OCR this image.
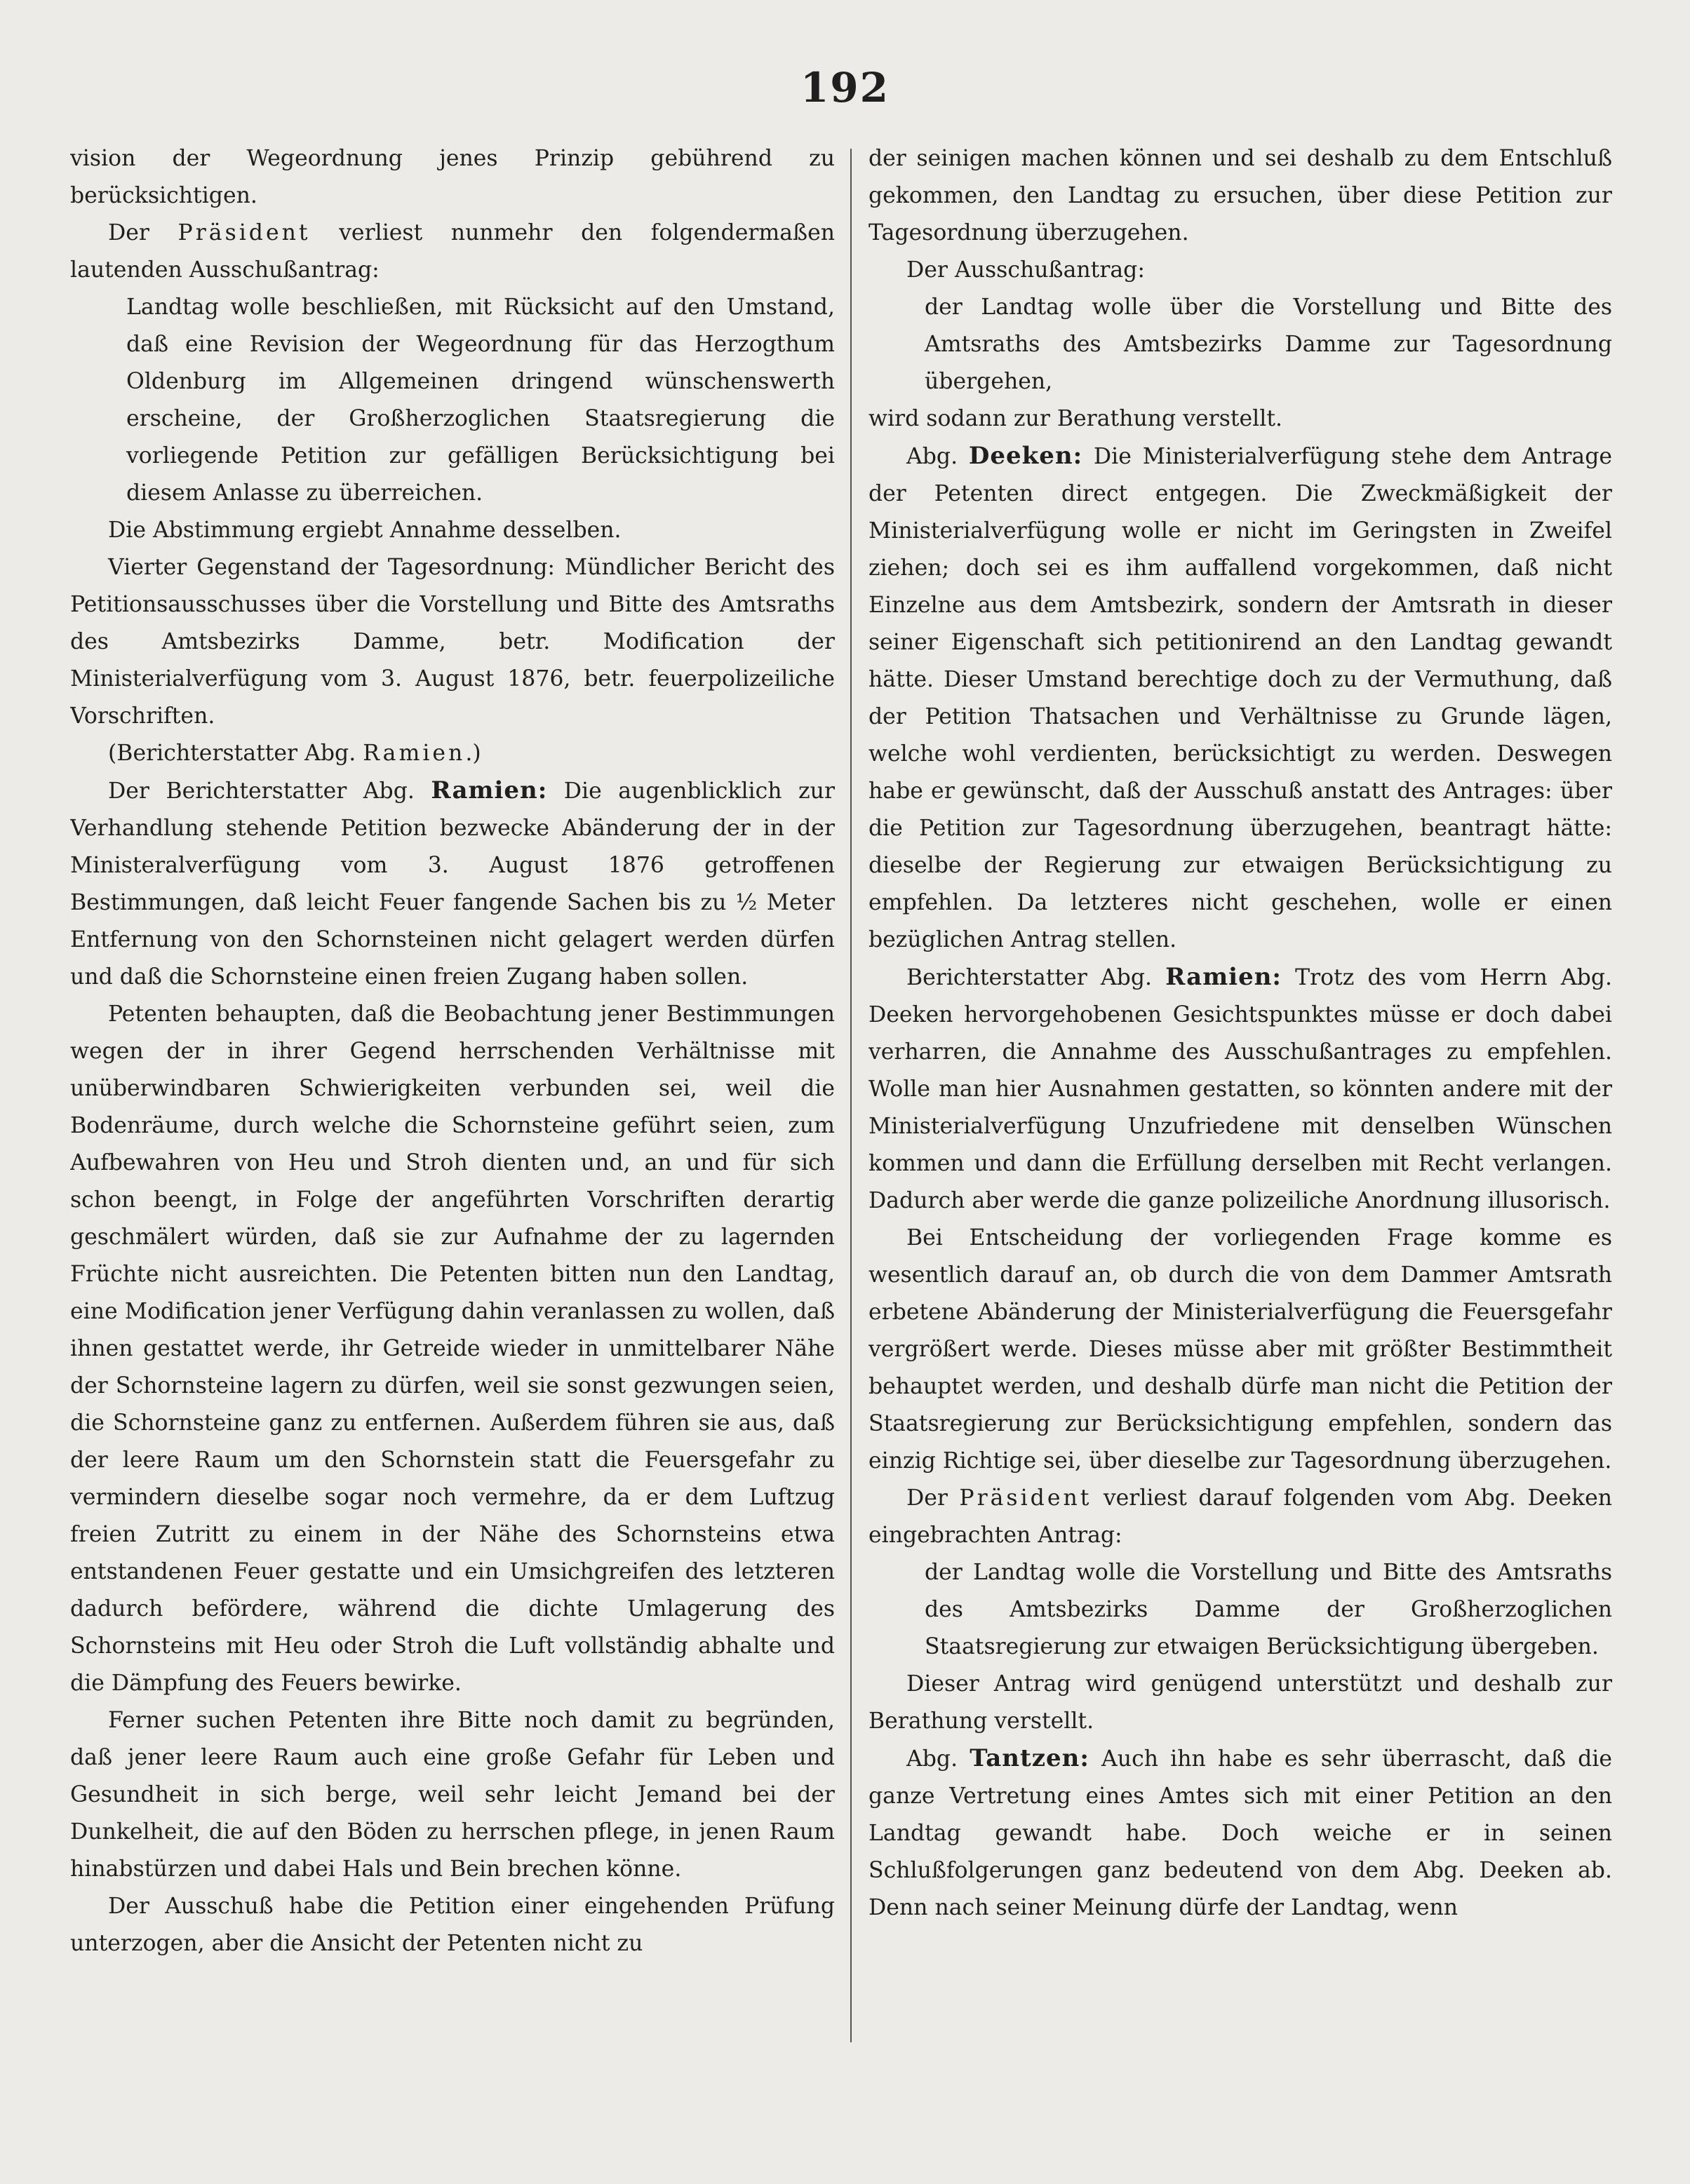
192

vision der Wegeordnung jenes Prinzip gebührend zu berücksichtigen.

Der Präsident verliest nunmehr den folgendermaßen lautenden Ausschußantrag:

Landtag wolle beschließen, mit Rücksicht auf den Umstand, daß eine Revision der Wegeordnung für das Herzogthum Oldenburg im Allgemeinen dringend wünschenswerth erscheine, der Großherzoglichen Staatsregierung die vorliegende Petition zur gefälligen Berücksichtigung bei diesem Anlasse zu überreichen.

Die Abstimmung ergiebt Annahme desselben.

Vierter Gegenstand der Tagesordnung: Mündlicher Bericht des Petitionsausschusses über die Vorstellung und Bitte des Amtsraths des Amtsbezirks Damme, betr. Modification der Ministerialverfügung vom 3. August 1876, betr. feuerpolizeiliche Vorschriften.

(Berichterstatter Abg. Ramien.)

Der Berichterstatter Abg. Ramien: Die augenblicklich zur Verhandlung stehende Petition bezwecke Abänderung der in der Ministeralverfügung vom 3. August 1876 getroffenen Bestimmungen, daß leicht Feuer fangende Sachen bis zu ½ Meter Entfernung von den Schornsteinen nicht gelagert werden dürfen und daß die Schornsteine einen freien Zugang haben sollen.

Petenten behaupten, daß die Beobachtung jener Bestimmungen wegen der in ihrer Gegend herrschenden Verhältnisse mit unüberwindbaren Schwierigkeiten verbunden sei, weil die Bodenräume, durch welche die Schornsteine geführt seien, zum Aufbewahren von Heu und Stroh dienten und, an und für sich schon beengt, in Folge der angeführten Vorschriften derartig geschmälert würden, daß sie zur Aufnahme der zu lagernden Früchte nicht ausreichten. Die Petenten bitten nun den Landtag, eine Modification jener Verfügung dahin veranlassen zu wollen, daß ihnen gestattet werde, ihr Getreide wieder in unmittelbarer Nähe der Schornsteine lagern zu dürfen, weil sie sonst gezwungen seien, die Schornsteine ganz zu entfernen. Außerdem führen sie aus, daß der leere Raum um den Schornstein statt die Feuersgefahr zu vermindern dieselbe sogar noch vermehre, da er dem Luftzug freien Zutritt zu einem in der Nähe des Schornsteins etwa entstandenen Feuer gestatte und ein Umsichgreifen des letzteren dadurch befördere, während die dichte Umlagerung des Schornsteins mit Heu oder Stroh die Luft vollständig abhalte und die Dämpfung des Feuers bewirke.

Ferner suchen Petenten ihre Bitte noch damit zu begründen, daß jener leere Raum auch eine große Gefahr für Leben und Gesundheit in sich berge, weil sehr leicht Jemand bei der Dunkelheit, die auf den Böden zu herrschen pflege, in jenen Raum hinabstürzen und dabei Hals und Bein brechen könne.

Der Ausschuß habe die Petition einer eingehenden Prüfung unterzogen, aber die Ansicht der Petenten nicht zu

der seinigen machen können und sei deshalb zu dem Entschluß gekommen, den Landtag zu ersuchen, über diese Petition zur Tagesordnung überzugehen.

Der Ausschußantrag:

der Landtag wolle über die Vorstellung und Bitte des Amtsraths des Amtsbezirks Damme zur Tagesordnung übergehen,

wird sodann zur Berathung verstellt.

Abg. Deeken: Die Ministerialverfügung stehe dem Antrage der Petenten direct entgegen. Die Zweckmäßigkeit der Ministerialverfügung wolle er nicht im Geringsten in Zweifel ziehen; doch sei es ihm auffallend vorgekommen, daß nicht Einzelne aus dem Amtsbezirk, sondern der Amtsrath in dieser seiner Eigenschaft sich petitionirend an den Landtag gewandt hätte. Dieser Umstand berechtige doch zu der Vermuthung, daß der Petition Thatsachen und Verhältnisse zu Grunde lägen, welche wohl verdienten, berücksichtigt zu werden. Deswegen habe er gewünscht, daß der Ausschuß anstatt des Antrages: über die Petition zur Tagesordnung überzugehen, beantragt hätte: dieselbe der Regierung zur etwaigen Berücksichtigung zu empfehlen. Da letzteres nicht geschehen, wolle er einen bezüglichen Antrag stellen.

Berichterstatter Abg. Ramien: Trotz des vom Herrn Abg. Deeken hervorgehobenen Gesichtspunktes müsse er doch dabei verharren, die Annahme des Ausschußantrages zu empfehlen. Wolle man hier Ausnahmen gestatten, so könnten andere mit der Ministerialverfügung Unzufriedene mit denselben Wünschen kommen und dann die Erfüllung derselben mit Recht verlangen. Dadurch aber werde die ganze polizeiliche Anordnung illusorisch.

Bei Entscheidung der vorliegenden Frage komme es wesentlich darauf an, ob durch die von dem Dammer Amtsrath erbetene Abänderung der Ministerialverfügung die Feuersgefahr vergrößert werde. Dieses müsse aber mit größter Bestimmtheit behauptet werden, und deshalb dürfe man nicht die Petition der Staatsregierung zur Berücksichtigung empfehlen, sondern das einzig Richtige sei, über dieselbe zur Tagesordnung überzugehen.

Der Präsident verliest darauf folgenden vom Abg. Deeken eingebrachten Antrag:

der Landtag wolle die Vorstellung und Bitte des Amtsraths des Amtsbezirks Damme der Großherzoglichen Staatsregierung zur etwaigen Berücksichtigung übergeben.

Dieser Antrag wird genügend unterstützt und deshalb zur Berathung verstellt.

Abg. Tantzen: Auch ihn habe es sehr überrascht, daß die ganze Vertretung eines Amtes sich mit einer Petition an den Landtag gewandt habe. Doch weiche er in seinen Schlußfolgerungen ganz bedeutend von dem Abg. Deeken ab. Denn nach seiner Meinung dürfe der Landtag, wenn
